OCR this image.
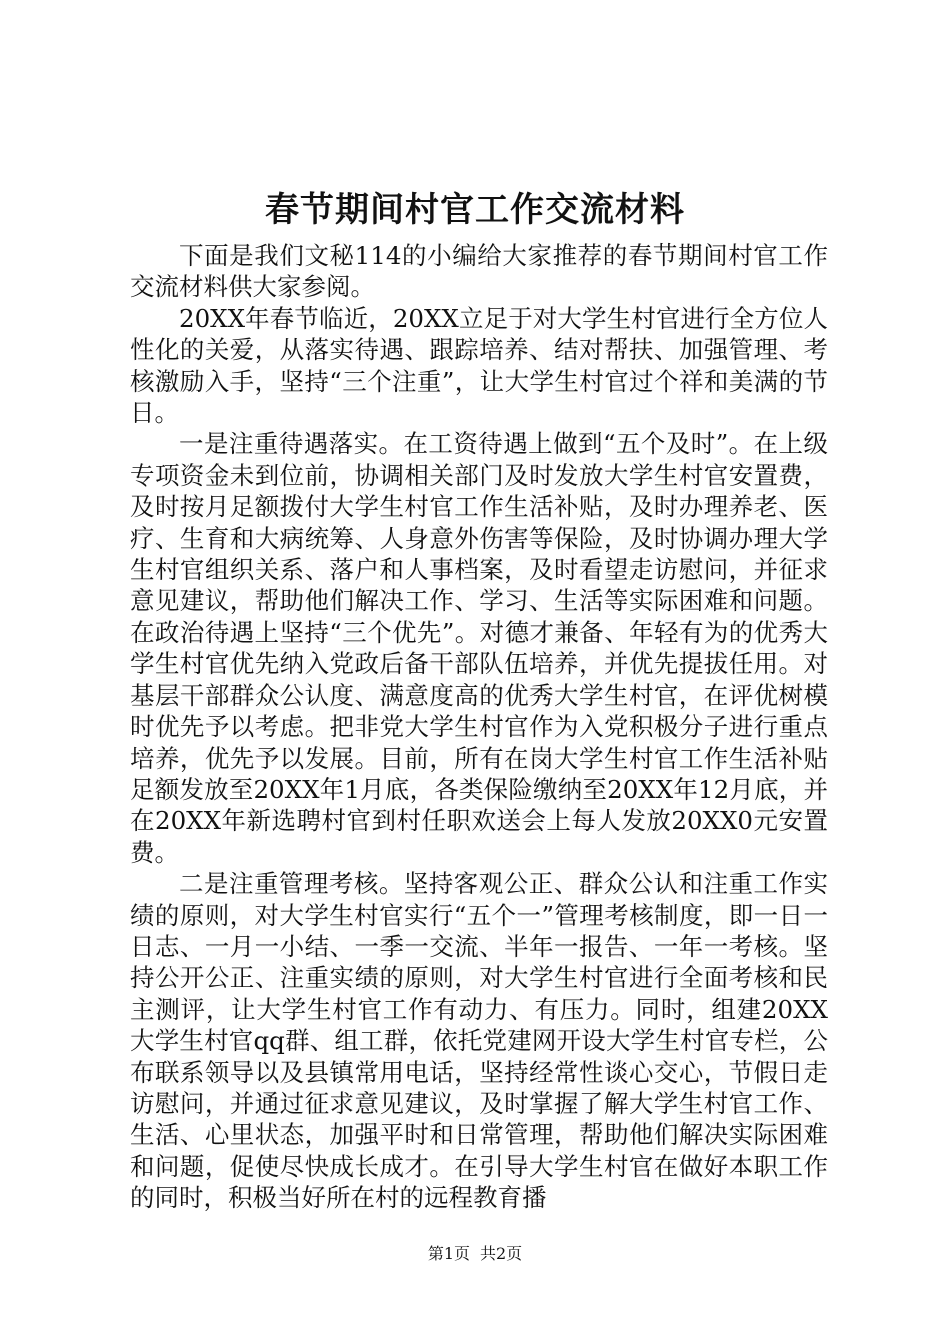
春节期间村官工作交流材料

下面是我们文秘114的小编给大家推荐的春节期间村官工作交流材料供大家参阅。

20XX年春节临近，20XX立足于对大学生村官进行全方位人性化的关爱，从落实待遇、跟踪培养、结对帮扶、加强管理、考核激励入手，坚持“三个注重”，让大学生村官过个祥和美满的节日。

一是注重待遇落实。在工资待遇上做到“五个及时”。在上级专项资金未到位前，协调相关部门及时发放大学生村官安置费，及时按月足额拨付大学生村官工作生活补贴，及时办理养老、医疗、生育和大病统筹、人身意外伤害等保险，及时协调办理大学生村官组织关系、落户和人事档案，及时看望走访慰问，并征求意见建议，帮助他们解决工作、学习、生活等实际困难和问题。在政治待遇上坚持“三个优先”。对德才兼备、年轻有为的优秀大学生村官优先纳入党政后备干部队伍培养，并优先提拔任用。对基层干部群众公认度、满意度高的优秀大学生村官，在评优树模时优先予以考虑。把非党大学生村官作为入党积极分子进行重点培养，优先予以发展。目前，所有在岗大学生村官工作生活补贴足额发放至20XX年1月底，各类保险缴纳至20XX年12月底，并在20XX年新选聘村官到村任职欢送会上每人发放20XX0元安置费。

二是注重管理考核。坚持客观公正、群众公认和注重工作实绩的原则，对大学生村官实行“五个一”管理考核制度，即一日一日志、一月一小结、一季一交流、半年一报告、一年一考核。坚持公开公正、注重实绩的原则，对大学生村官进行全面考核和民主测评，让大学生村官工作有动力、有压力。同时，组建20XX大学生村官qq群、组工群，依托党建网开设大学生村官专栏，公布联系领导以及县镇常用电话，坚持经常性谈心交心，节假日走访慰问，并通过征求意见建议，及时掌握了解大学生村官工作、生活、心里状态，加强平时和日常管理，帮助他们解决实际困难和问题，促使尽快成长成才。在引导大学生村官在做好本职工作的同时，积极当好所在村的远程教育播

第1页 共2页
